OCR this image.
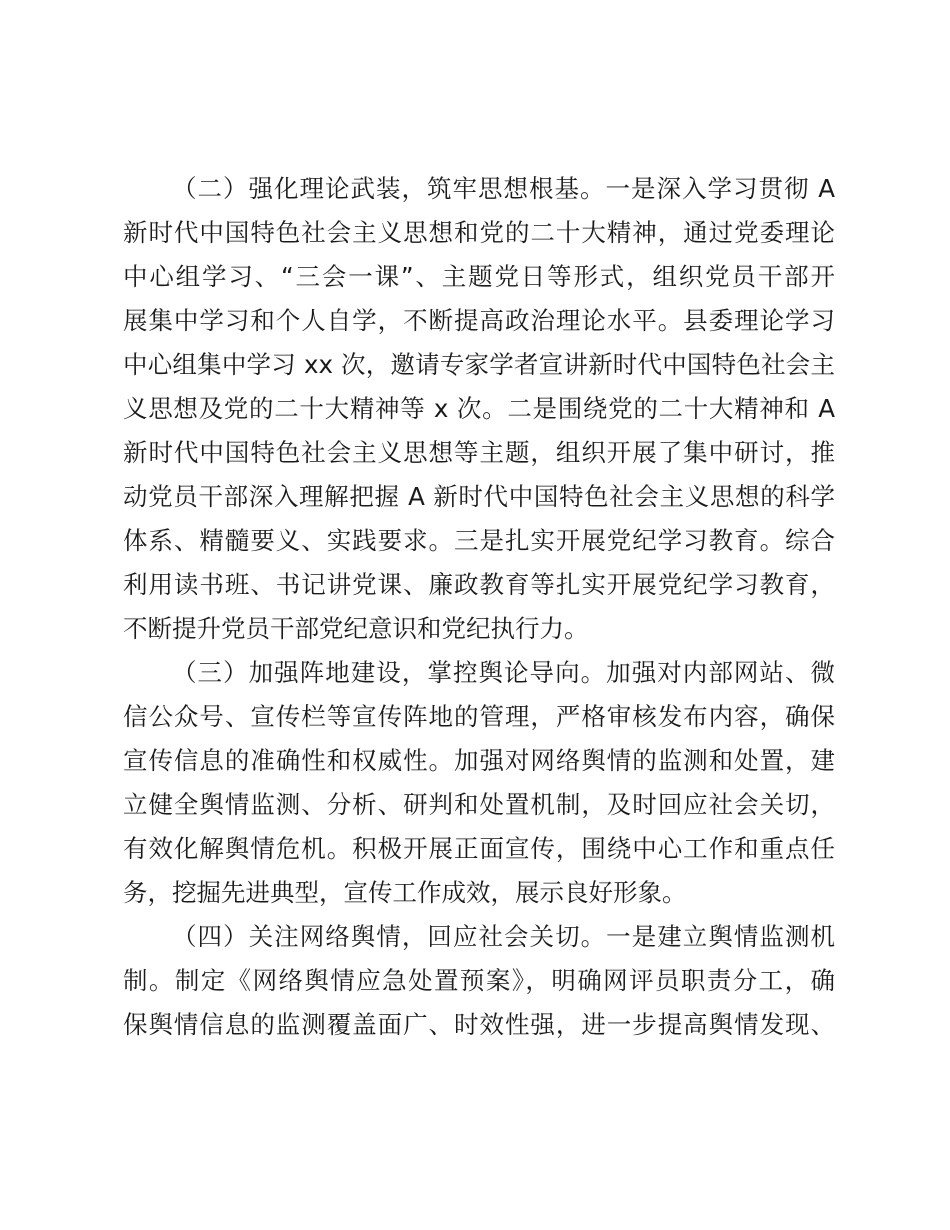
（二）强化理论武装，筑牢思想根基。一是深入学习贯彻 A
新时代中国特色社会主义思想和党的二十大精神，通过党委理论
中心组学习、“三会一课”、主题党日等形式，组织党员干部开
展集中学习和个人自学，不断提高政治理论水平。县委理论学习
中心组集中学习 xx 次，邀请专家学者宣讲新时代中国特色社会主
义思想及党的二十大精神等 x 次。二是围绕党的二十大精神和 A
新时代中国特色社会主义思想等主题，组织开展了集中研讨，推
动党员干部深入理解把握 A 新时代中国特色社会主义思想的科学
体系、精髓要义、实践要求。三是扎实开展党纪学习教育。综合
利用读书班、书记讲党课、廉政教育等扎实开展党纪学习教育，
不断提升党员干部党纪意识和党纪执行力。
（三）加强阵地建设，掌控舆论导向。加强对内部网站、微
信公众号、宣传栏等宣传阵地的管理，严格审核发布内容，确保
宣传信息的准确性和权威性。加强对网络舆情的监测和处置，建
立健全舆情监测、分析、研判和处置机制，及时回应社会关切，
有效化解舆情危机。积极开展正面宣传，围绕中心工作和重点任
务，挖掘先进典型，宣传工作成效，展示良好形象。
（四）关注网络舆情，回应社会关切。一是建立舆情监测机
制。制定《网络舆情应急处置预案》，明确网评员职责分工，确
保舆情信息的监测覆盖面广、时效性强，进一步提高舆情发现、
